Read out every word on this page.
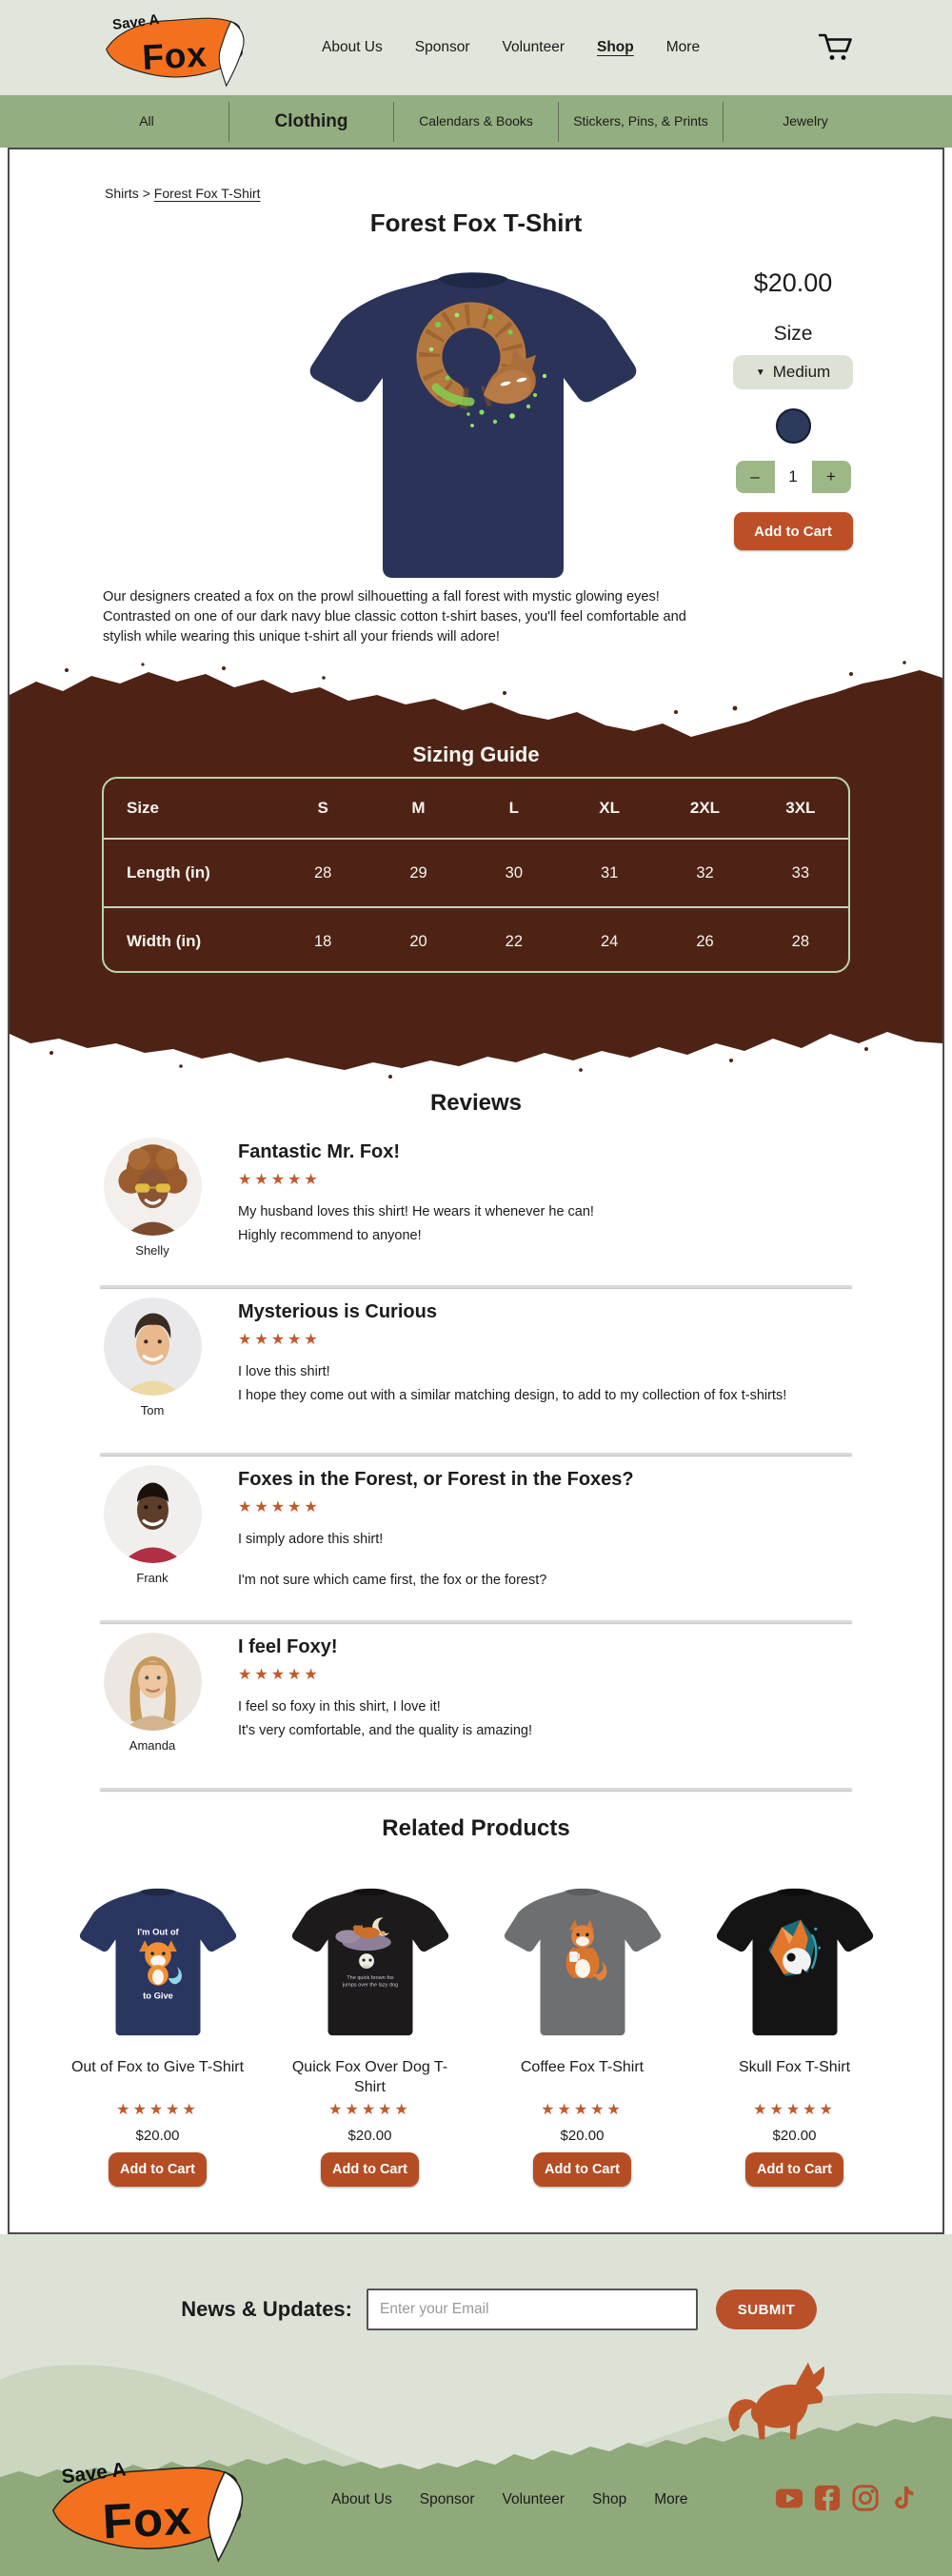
Save A
Fox	About Us Sponsor Volunteer Shop More
All	Clothing	Calendars & Books	Stickers, Pins, & Prints	Jewelry
Shirts > Forest Fox T-Shirt
Forest Fox T-Shirt
$20.00
Size
▼ Medium
–	1	+
Add to Cart
Our designers created a fox on the prowl silhouetting a fall forest with mystic glowing eyes!
Contrasted on one of our dark navy blue classic cotton t-shirt bases, you'll feel comfortable and
stylish while wearing this unique t-shirt all your friends will adore!
Sizing Guide
Size	S	M	L	XL	2XL	3XL
Length (in)	28	29	30	31	32	33
Width (in)	18	20	22	24	26	28
Reviews
Shelly
Fantastic Mr. Fox!
★★★★★
My husband loves this shirt! He wears it whenever he can!
Highly recommend to anyone!
Tom
Mysterious is Curious
★★★★★
I love this shirt!
I hope they come out with a similar matching design, to add to my collection of fox t-shirts!
Frank
Foxes in the Forest, or Forest in the Foxes?
★★★★★
I simply adore this shirt!
I'm not sure which came first, the fox or the forest?
Amanda
I feel Foxy!
★★★★★
I feel so foxy in this shirt, I love it!
It's very comfortable, and the quality is amazing!
Related Products
I'm Out of
to Give
Out of Fox to Give T-Shirt
★★★★★
$20.00
Add to Cart
The quick brown fox
jumps over the lazy dog
Quick Fox Over Dog T-Shirt
★★★★★
$20.00
Add to Cart
Coffee Fox T-Shirt
★★★★★
$20.00
Add to Cart
Skull Fox T-Shirt
★★★★★
$20.00
Add to Cart
News & Updates:
Enter your Email	SUBMIT
Save A
Fox	About Us Sponsor Volunteer Shop More
